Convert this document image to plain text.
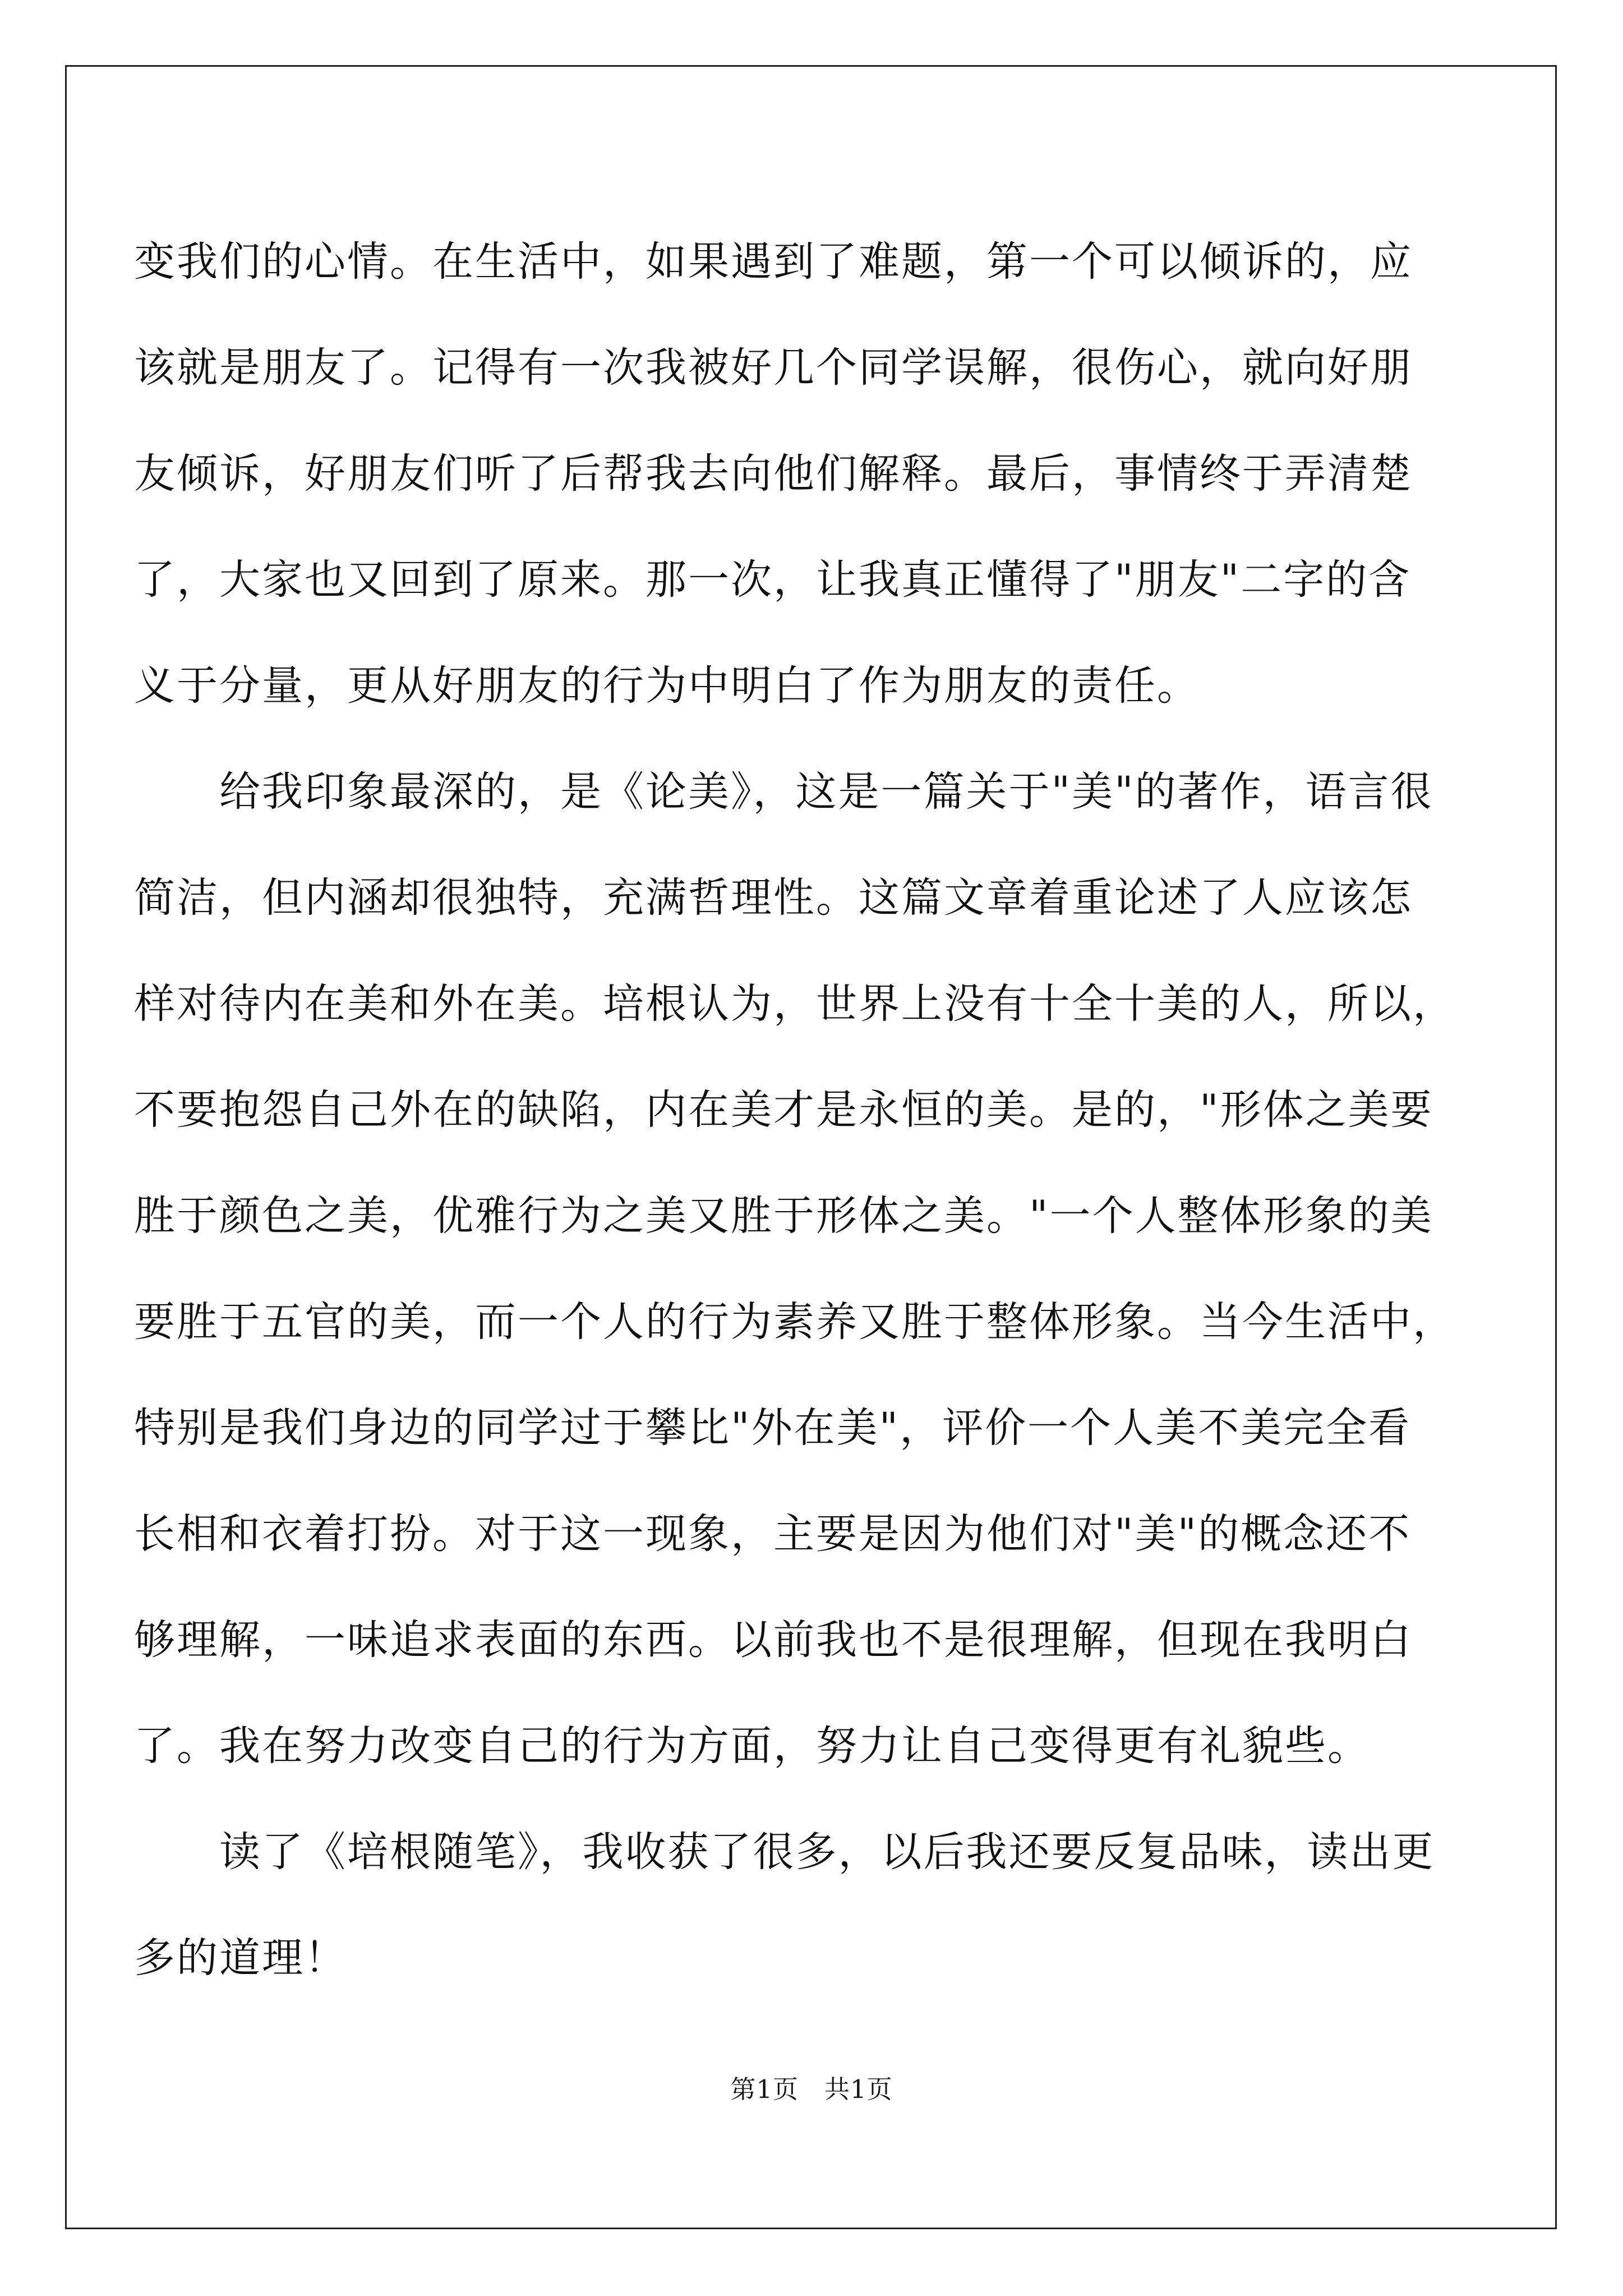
变我们的心情。在生活中，如果遇到了难题，第一个可以倾诉的，应
该就是朋友了。记得有一次我被好几个同学误解，很伤心，就向好朋
友倾诉，好朋友们听了后帮我去向他们解释。最后，事情终于弄清楚
了，大家也又回到了原来。那一次，让我真正懂得了"朋友"二字的含
义于分量，更从好朋友的行为中明白了作为朋友的责任。
　　给我印象最深的，是《论美》，这是一篇关于"美"的著作，语言很
简洁，但内涵却很独特，充满哲理性。这篇文章着重论述了人应该怎
样对待内在美和外在美。培根认为，世界上没有十全十美的人，所以，
不要抱怨自己外在的缺陷，内在美才是永恒的美。是的，"形体之美要
胜于颜色之美，优雅行为之美又胜于形体之美。"一个人整体形象的美
要胜于五官的美，而一个人的行为素养又胜于整体形象。当今生活中，
特别是我们身边的同学过于攀比"外在美"，评价一个人美不美完全看
长相和衣着打扮。对于这一现象，主要是因为他们对"美"的概念还不
够理解，一味追求表面的东西。以前我也不是很理解，但现在我明白
了。我在努力改变自己的行为方面，努力让自己变得更有礼貌些。
　　读了《培根随笔》，我收获了很多，以后我还要反复品味，读出更
多的道理！
第1页　共1页
